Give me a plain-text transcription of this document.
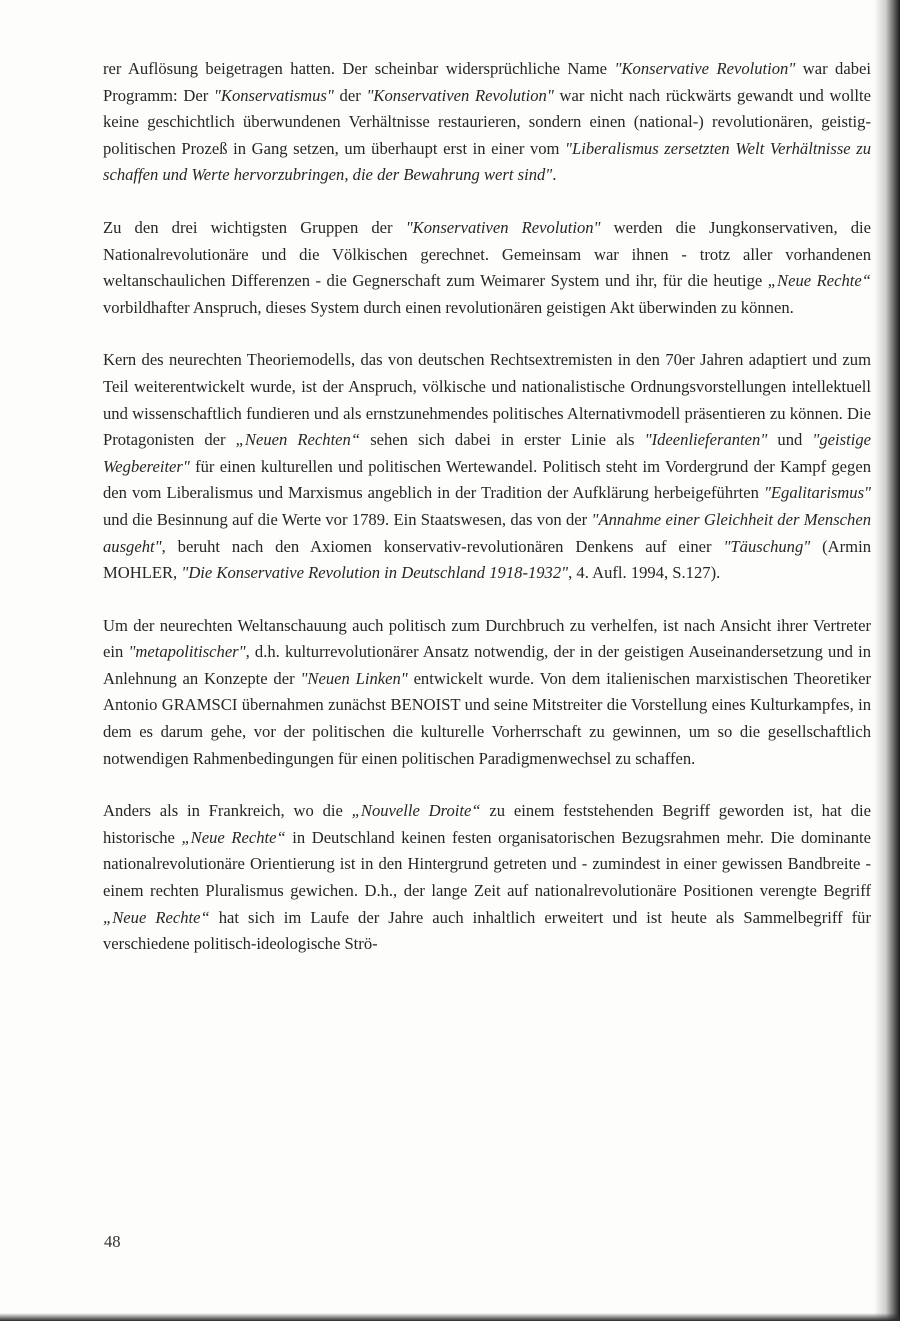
rer Auflösung beigetragen hatten. Der scheinbar widersprüchliche Name "Konservative Revolution" war dabei Programm: Der "Konservatismus" der "Konservativen Revolution" war nicht nach rückwärts gewandt und wollte keine geschichtlich überwundenen Verhältnisse restaurieren, sondern einen (national-) revolutionären, geistig-politischen Prozeß in Gang setzen, um überhaupt erst in einer vom "Liberalismus zersetzten Welt Verhältnisse zu schaffen und Werte hervorzubringen, die der Bewahrung wert sind".

Zu den drei wichtigsten Gruppen der "Konservativen Revolution" werden die Jungkonservativen, die Nationalrevolutionäre und die Völkischen gerechnet. Gemeinsam war ihnen - trotz aller vorhandenen weltanschaulichen Differenzen - die Gegnerschaft zum Weimarer System und ihr, für die heutige „Neue Rechte“ vorbildhafter Anspruch, dieses System durch einen revolutionären geistigen Akt überwinden zu können.

Kern des neurechten Theoriemodells, das von deutschen Rechtsextremisten in den 70er Jahren adaptiert und zum Teil weiterentwickelt wurde, ist der Anspruch, völkische und nationalistische Ordnungsvorstellungen intellektuell und wissenschaftlich fundieren und als ernstzunehmendes politisches Alternativmodell präsentieren zu können. Die Protagonisten der „Neuen Rechten“ sehen sich dabei in erster Linie als "Ideenlieferanten" und "geistige Wegbereiter" für einen kulturellen und politischen Wertewandel. Politisch steht im Vordergrund der Kampf gegen den vom Liberalismus und Marxismus angeblich in der Tradition der Aufklärung herbeigeführten "Egalitarismus" und die Besinnung auf die Werte vor 1789. Ein Staatswesen, das von der "Annahme einer Gleichheit der Menschen ausgeht", beruht nach den Axiomen konservativ-revolutionären Denkens auf einer "Täuschung" (Armin MOHLER, "Die Konservative Revolution in Deutschland 1918-1932", 4. Aufl. 1994, S.127).

Um der neurechten Weltanschauung auch politisch zum Durchbruch zu verhelfen, ist nach Ansicht ihrer Vertreter ein "metapolitischer", d.h. kulturrevolutionärer Ansatz notwendig, der in der geistigen Auseinandersetzung und in Anlehnung an Konzepte der "Neuen Linken" entwickelt wurde. Von dem italienischen marxistischen Theoretiker Antonio GRAMSCI übernahmen zunächst BENOIST und seine Mitstreiter die Vorstellung eines Kulturkampfes, in dem es darum gehe, vor der politischen die kulturelle Vorherrschaft zu gewinnen, um so die gesellschaftlich notwendigen Rahmenbedingungen für einen politischen Paradigmenwechsel zu schaffen.

Anders als in Frankreich, wo die „Nouvelle Droite“ zu einem feststehenden Begriff geworden ist, hat die historische „Neue Rechte“ in Deutschland keinen festen organisatorischen Bezugsrahmen mehr. Die dominante nationalrevolutionäre Orientierung ist in den Hintergrund getreten und - zumindest in einer gewissen Bandbreite - einem rechten Pluralismus gewichen. D.h., der lange Zeit auf nationalrevolutionäre Positionen verengte Begriff „Neue Rechte“ hat sich im Laufe der Jahre auch inhaltlich erweitert und ist heute als Sammelbegriff für verschiedene politisch-ideologische Strö-

48
